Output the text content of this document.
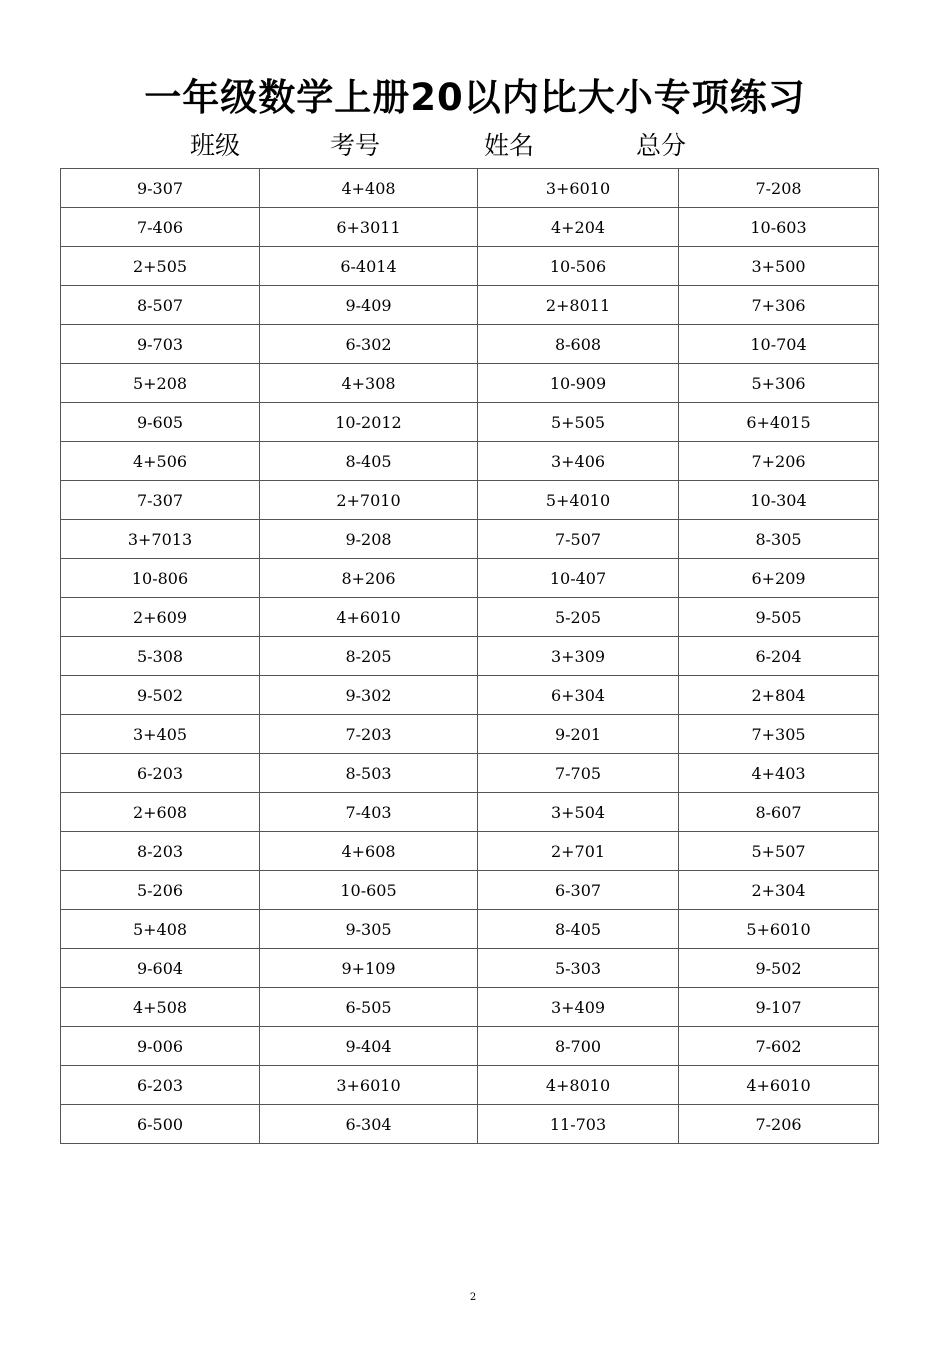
一年级数学上册20以内比大小专项练习
班级	考号	姓名	总分
9-307	4+408	3+6010	7-208
7-406	6+3011	4+204	10-603
2+505	6-4014	10-506	3+500
8-507	9-409	2+8011	7+306
9-703	6-302	8-608	10-704
5+208	4+308	10-909	5+306
9-605	10-2012	5+505	6+4015
4+506	8-405	3+406	7+206
7-307	2+7010	5+4010	10-304
3+7013	9-208	7-507	8-305
10-806	8+206	10-407	6+209
2+609	4+6010	5-205	9-505
5-308	8-205	3+309	6-204
9-502	9-302	6+304	2+804
3+405	7-203	9-201	7+305
6-203	8-503	7-705	4+403
2+608	7-403	3+504	8-607
8-203	4+608	2+701	5+507
5-206	10-605	6-307	2+304
5+408	9-305	8-405	5+6010
9-604	9+109	5-303	9-502
4+508	6-505	3+409	9-107
9-006	9-404	8-700	7-602
6-203	3+6010	4+8010	4+6010
6-500	6-304	11-703	7-206
2
